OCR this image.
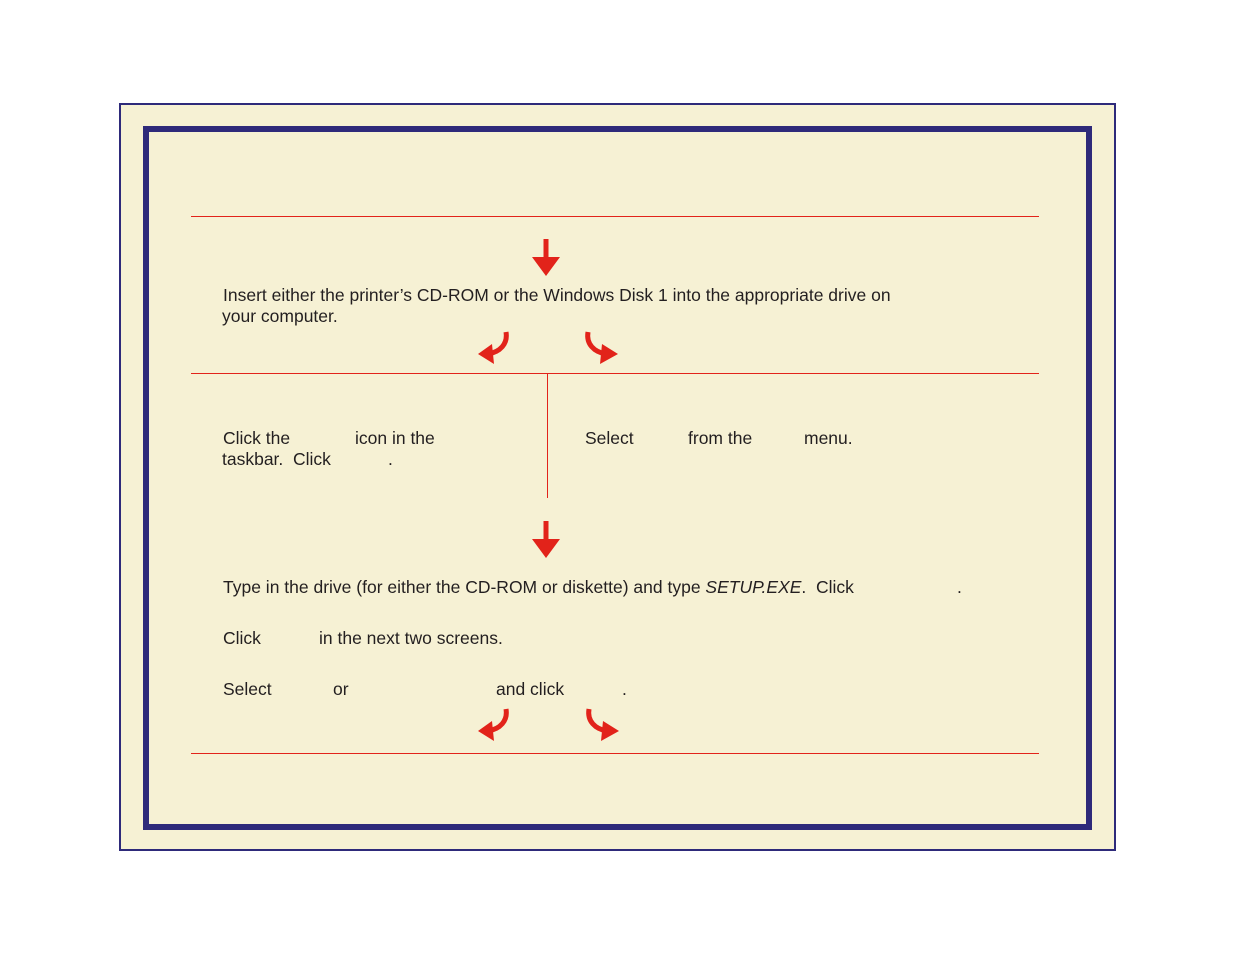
Insert either the printer’s CD-ROM or the Windows Disk 1 into the appropriate drive on

your computer.

Click the	icon in the

taskbar.  Click	.

Select	from the	menu.

Type in the drive (for either the CD-ROM or diskette) and type SETUP.EXE.  Click	.

Click	in the next two screens.

Select	or	and click	.
